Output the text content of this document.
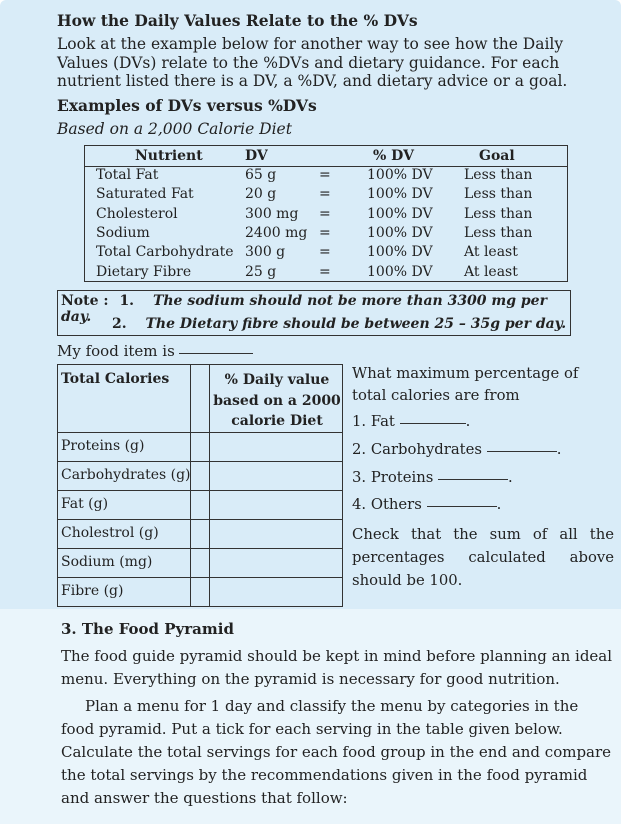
How the Daily Values Relate to the % DVs
Look at the example below for another way to see how the Daily Values (DVs) relate to the %DVs and dietary guidance. For each nutrient listed there is a DV, a %DV, and dietary advice or a goal.
Examples of DVs versus %DVs
Based on a 2,000 Calorie Diet
Nutrient	DV	% DV	Goal
Total Fat	65 g	=	100% DV Less than
Saturated Fat	20 g	=	100% DV Less than
Cholesterol	300 mg =	100% DV Less than
Sodium	2400 mg =	100% DV Less than
Total Carbohydrate 300 g =	100% DV At least
Dietary Fibre	25 g	=	100% DV At least
Note : 1. The sodium should not be more than 3300 mg per day.	2. The Dietary fibre should be between 25 – 35g per day.
My food item is
Total Calories	% Daily value based on a 2000 calorie Diet
Proteins (g)
Carbohydrates (g)
Fat (g)
Cholestrol (g)
Sodium (mg)
Fibre (g)
What maximum percentage of total calories are from
1. Fat	.
2. Carbohydrates	.
3. Proteins	.
4. Others	.
Check that the sum of all the percentages calculated above should be 100.
3. The Food Pyramid
The food guide pyramid should be kept in mind before planning an ideal menu. Everything on the pyramid is necessary for good nutrition.
Plan a menu for 1 day and classify the menu by categories in the food pyramid. Put a tick for each serving in the table given below. Calculate the total servings for each food group in the end and compare the total servings by the recommendations given in the food pyramid and answer the questions that follow:
